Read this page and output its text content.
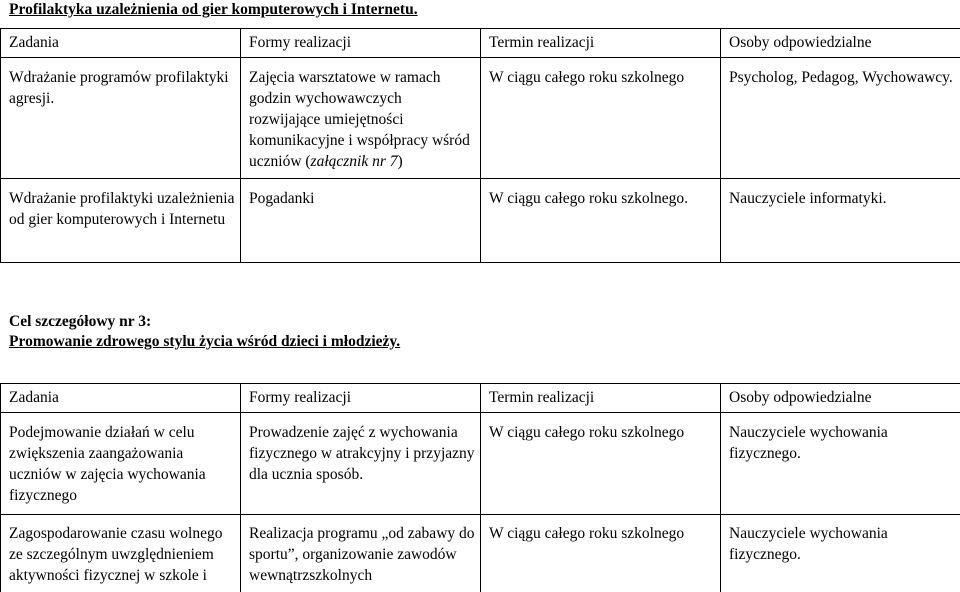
Profilaktyka uzależnienia od gier komputerowych i Internetu.
Zadania	Formy realizacji	Termin realizacji	Osoby odpowiedzialne
Wdrażanie programów profilaktyki agresji.	Zajęcia warsztatowe w ramach godzin wychowawczych rozwijające umiejętności komunikacyjne i współpracy wśród uczniów (załącznik nr 7)	W ciągu całego roku szkolnego	Psycholog, Pedagog, Wychowawcy.
Wdrażanie profilaktyki uzależnienia od gier komputerowych i Internetu	Pogadanki	W ciągu całego roku szkolnego.	Nauczyciele informatyki.
Cel szczegółowy nr 3:
Promowanie zdrowego stylu życia wśród dzieci i młodzieży.
Zadania	Formy realizacji	Termin realizacji	Osoby odpowiedzialne
Podejmowanie działań w celu zwiększenia zaangażowania uczniów w zajęcia wychowania fizycznego	Prowadzenie zajęć z wychowania fizycznego w atrakcyjny i przyjazny dla ucznia sposób.	W ciągu całego roku szkolnego	Nauczyciele wychowania fizycznego.
Zagospodarowanie czasu wolnego ze szczególnym uwzględnieniem aktywności fizycznej w szkole i	Realizacja programu „od zabawy do sportu”, organizowanie zawodów wewnątrzszkolnych	W ciągu całego roku szkolnego	Nauczyciele wychowania fizycznego.
